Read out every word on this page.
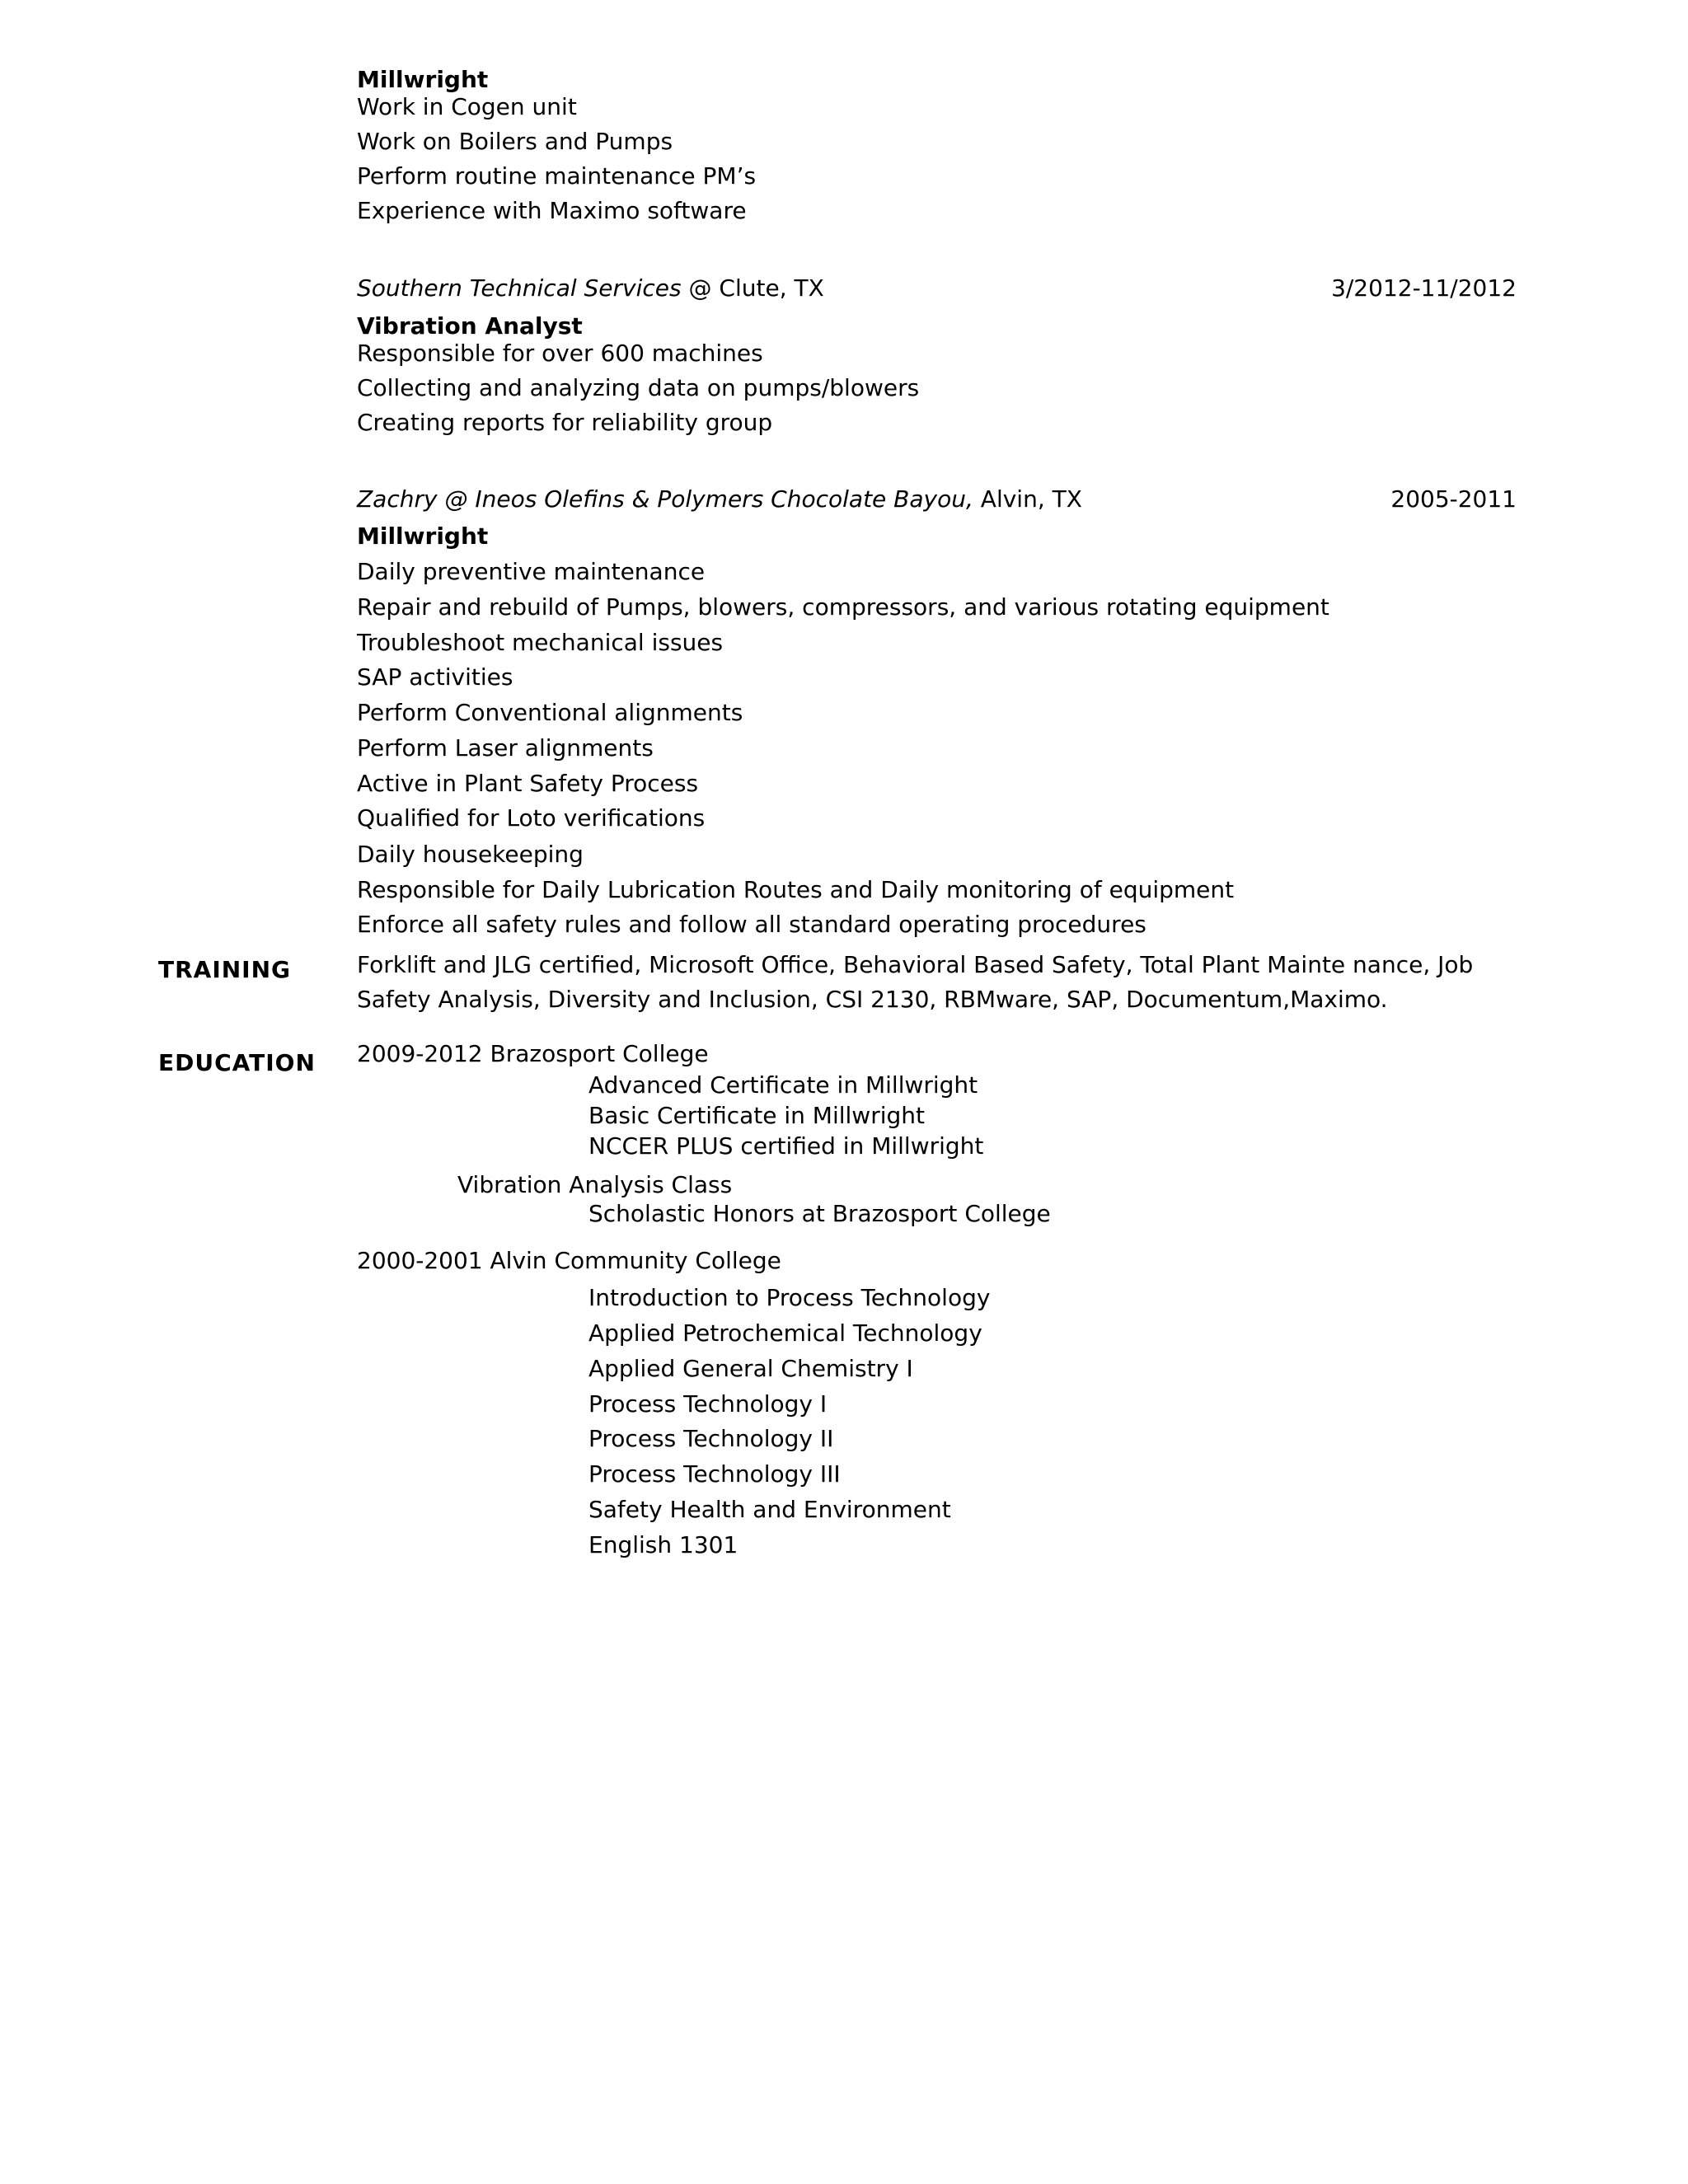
Millwright
Work in Cogen unit
Work on Boilers and Pumps
Perform routine maintenance PM’s
Experience with Maximo software
Southern Technical Services @ Clute, TX	3/2012-11/2012
Vibration Analyst
Responsible for over 600 machines
Collecting and analyzing data on pumps/blowers
Creating reports for reliability group
Zachry @ Ineos Olefins & Polymers Chocolate Bayou, Alvin, TX	2005-2011
Millwright
Daily preventive maintenance
Repair and rebuild of Pumps, blowers, compressors, and various rotating equipment
Troubleshoot mechanical issues
SAP activities
Perform Conventional alignments
Perform Laser alignments
Active in Plant Safety Process
Qualified for Loto verifications
Daily housekeeping
Responsible for Daily Lubrication Routes and Daily monitoring of equipment
Enforce all safety rules and follow all standard operating procedures
TRAINING	Forklift and JLG certified, Microsoft Office, Behavioral Based Safety, Total Plant Mainte nance, Job Safety Analysis, Diversity and Inclusion, CSI 2130, RBMware, SAP, Documentum,Maximo.
EDUCATION 2009-2012 Brazosport College
Advanced Certificate in Millwright
Basic Certificate in Millwright
NCCER PLUS certified in Millwright
Vibration Analysis Class
Scholastic Honors at Brazosport College
2000-2001 Alvin Community College
Introduction to Process Technology
Applied Petrochemical Technology
Applied General Chemistry I
Process Technology I
Process Technology II
Process Technology III
Safety Health and Environment
English 1301
